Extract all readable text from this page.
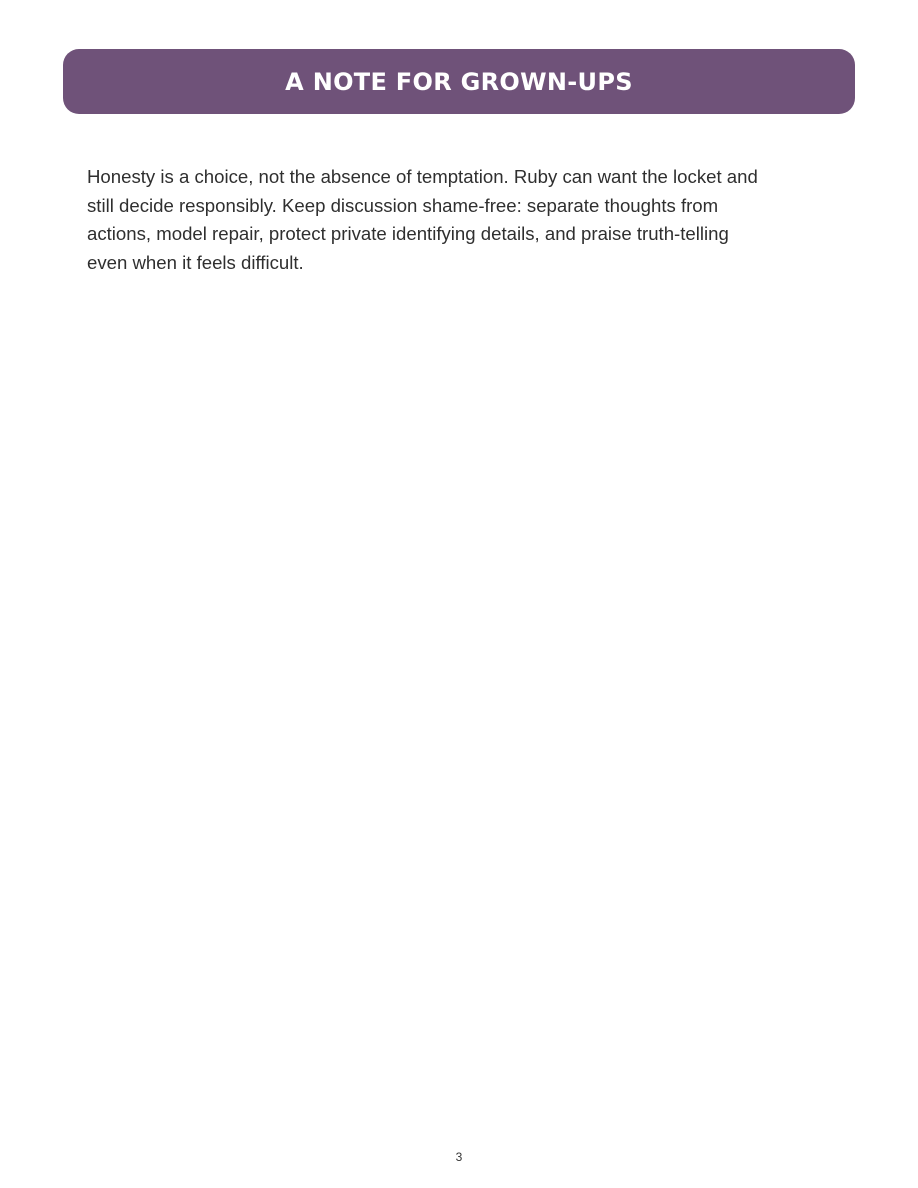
A NOTE FOR GROWN-UPS

Honesty is a choice, not the absence of temptation. Ruby can want the locket and still decide responsibly. Keep discussion shame-free: separate thoughts from actions, model repair, protect private identifying details, and praise truth-telling even when it feels difficult.

3
